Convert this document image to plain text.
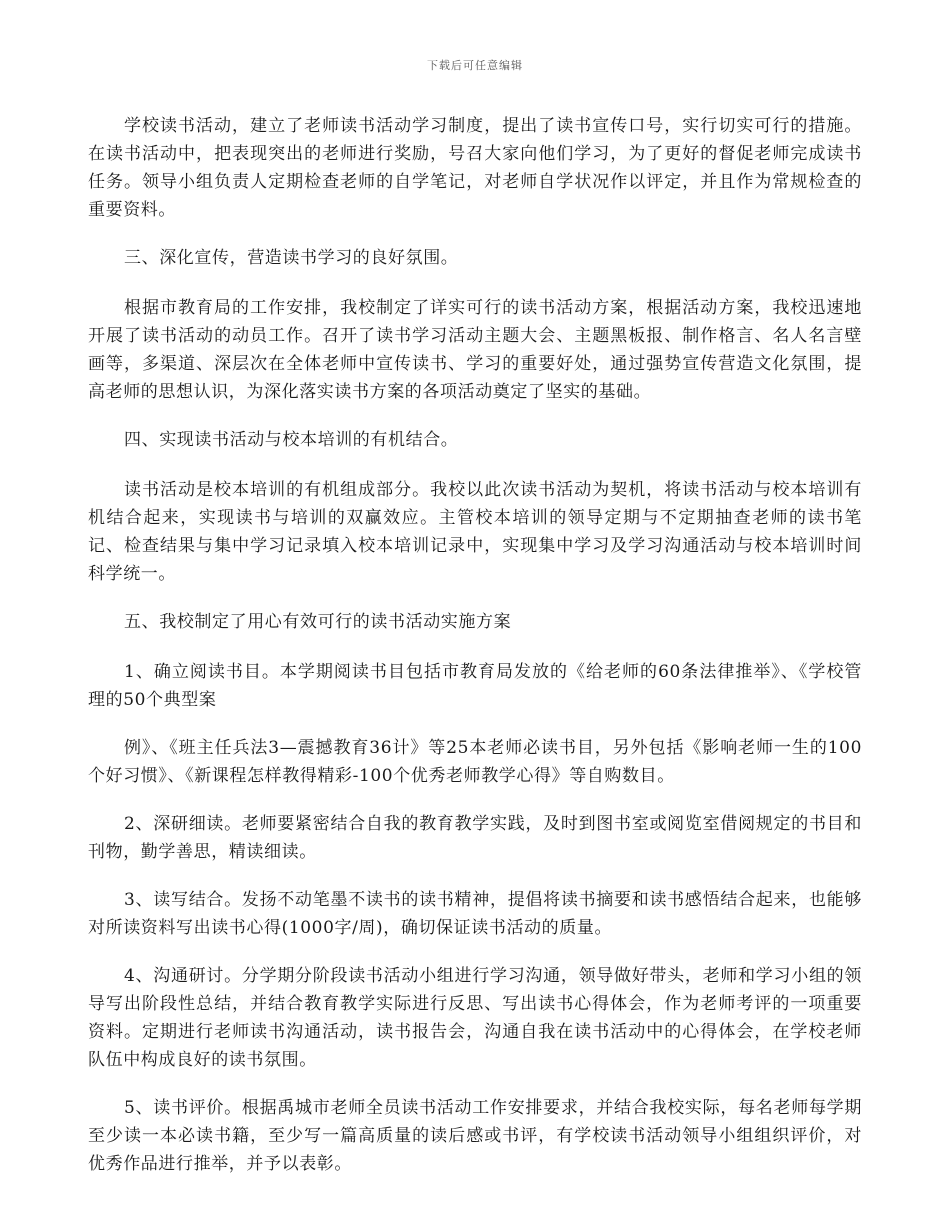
下载后可任意编辑

学校读书活动，建立了老师读书活动学习制度，提出了读书宣传口号，实行切实可行的措施。在读书活动中，把表现突出的老师进行奖励，号召大家向他们学习，为了更好的督促老师完成读书任务。领导小组负责人定期检查老师的自学笔记，对老师自学状况作以评定，并且作为常规检查的重要资料。

三、深化宣传，营造读书学习的良好氛围。

根据市教育局的工作安排，我校制定了详实可行的读书活动方案，根据活动方案，我校迅速地开展了读书活动的动员工作。召开了读书学习活动主题大会、主题黑板报、制作格言、名人名言壁画等，多渠道、深层次在全体老师中宣传读书、学习的重要好处，通过强势宣传营造文化氛围，提高老师的思想认识，为深化落实读书方案的各项活动奠定了坚实的基础。

四、实现读书活动与校本培训的有机结合。

读书活动是校本培训的有机组成部分。我校以此次读书活动为契机，将读书活动与校本培训有机结合起来，实现读书与培训的双赢效应。主管校本培训的领导定期与不定期抽查老师的读书笔记、检查结果与集中学习记录填入校本培训记录中，实现集中学习及学习沟通活动与校本培训时间科学统一。

五、我校制定了用心有效可行的读书活动实施方案

1、确立阅读书目。本学期阅读书目包括市教育局发放的《给老师的60条法律推举》、《学校管理的50个典型案

例》、《班主任兵法3—震撼教育36计》等25本老师必读书目，另外包括《影响老师一生的100个好习惯》、《新课程怎样教得精彩-100个优秀老师教学心得》等自购数目。

2、深研细读。老师要紧密结合自我的教育教学实践，及时到图书室或阅览室借阅规定的书目和刊物，勤学善思，精读细读。

3、读写结合。发扬不动笔墨不读书的读书精神，提倡将读书摘要和读书感悟结合起来，也能够对所读资料写出读书心得(1000字/周)，确切保证读书活动的质量。

4、沟通研讨。分学期分阶段读书活动小组进行学习沟通，领导做好带头，老师和学习小组的领导写出阶段性总结，并结合教育教学实际进行反思、写出读书心得体会，作为老师考评的一项重要资料。定期进行老师读书沟通活动，读书报告会，沟通自我在读书活动中的心得体会，在学校老师队伍中构成良好的读书氛围。

5、读书评价。根据禹城市老师全员读书活动工作安排要求，并结合我校实际，每名老师每学期至少读一本必读书籍，至少写一篇高质量的读后感或书评，有学校读书活动领导小组组织评价，对优秀作品进行推举，并予以表彰。
